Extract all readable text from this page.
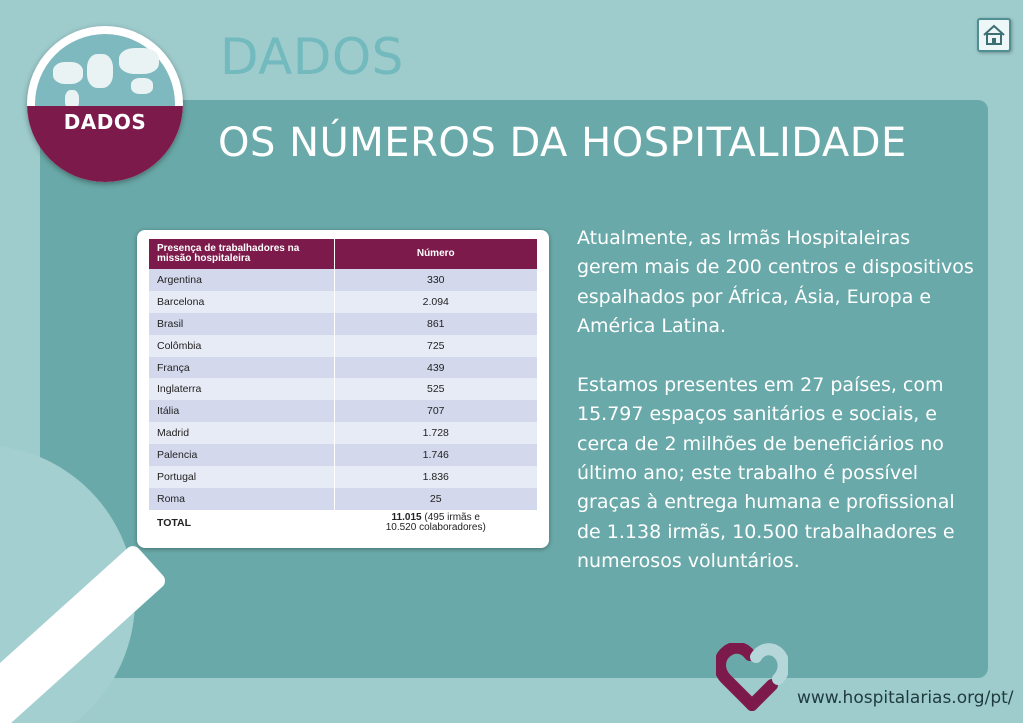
DADOS
DADOS
OS NÚMEROS DA HOSPITALIDADE
Presença de trabalhadores na missão hospitaleira	Número
Argentina	330
Barcelona	2.094
Brasil	861
Colômbia	725
França	439
Inglaterra	525
Itália	707
Madrid	1.728
Palencia	1.746
Portugal	1.836
Roma	25
TOTAL	11.015 (495 irmãs e
10.520 colaboradores)

Atualmente, as Irmãs Hospitaleiras gerem mais de 200 centros e dispositivos espalhados por África, Ásia, Europa e América Latina.

Estamos presentes em 27 países, com 15.797 espaços sanitários e sociais, e cerca de 2 milhões de beneficiários no último ano; este trabalho é possível graças à entrega humana e profissional de 1.138 irmãs, 10.500 trabalhadores e numerosos voluntários.

www.hospitalarias.org/pt/
